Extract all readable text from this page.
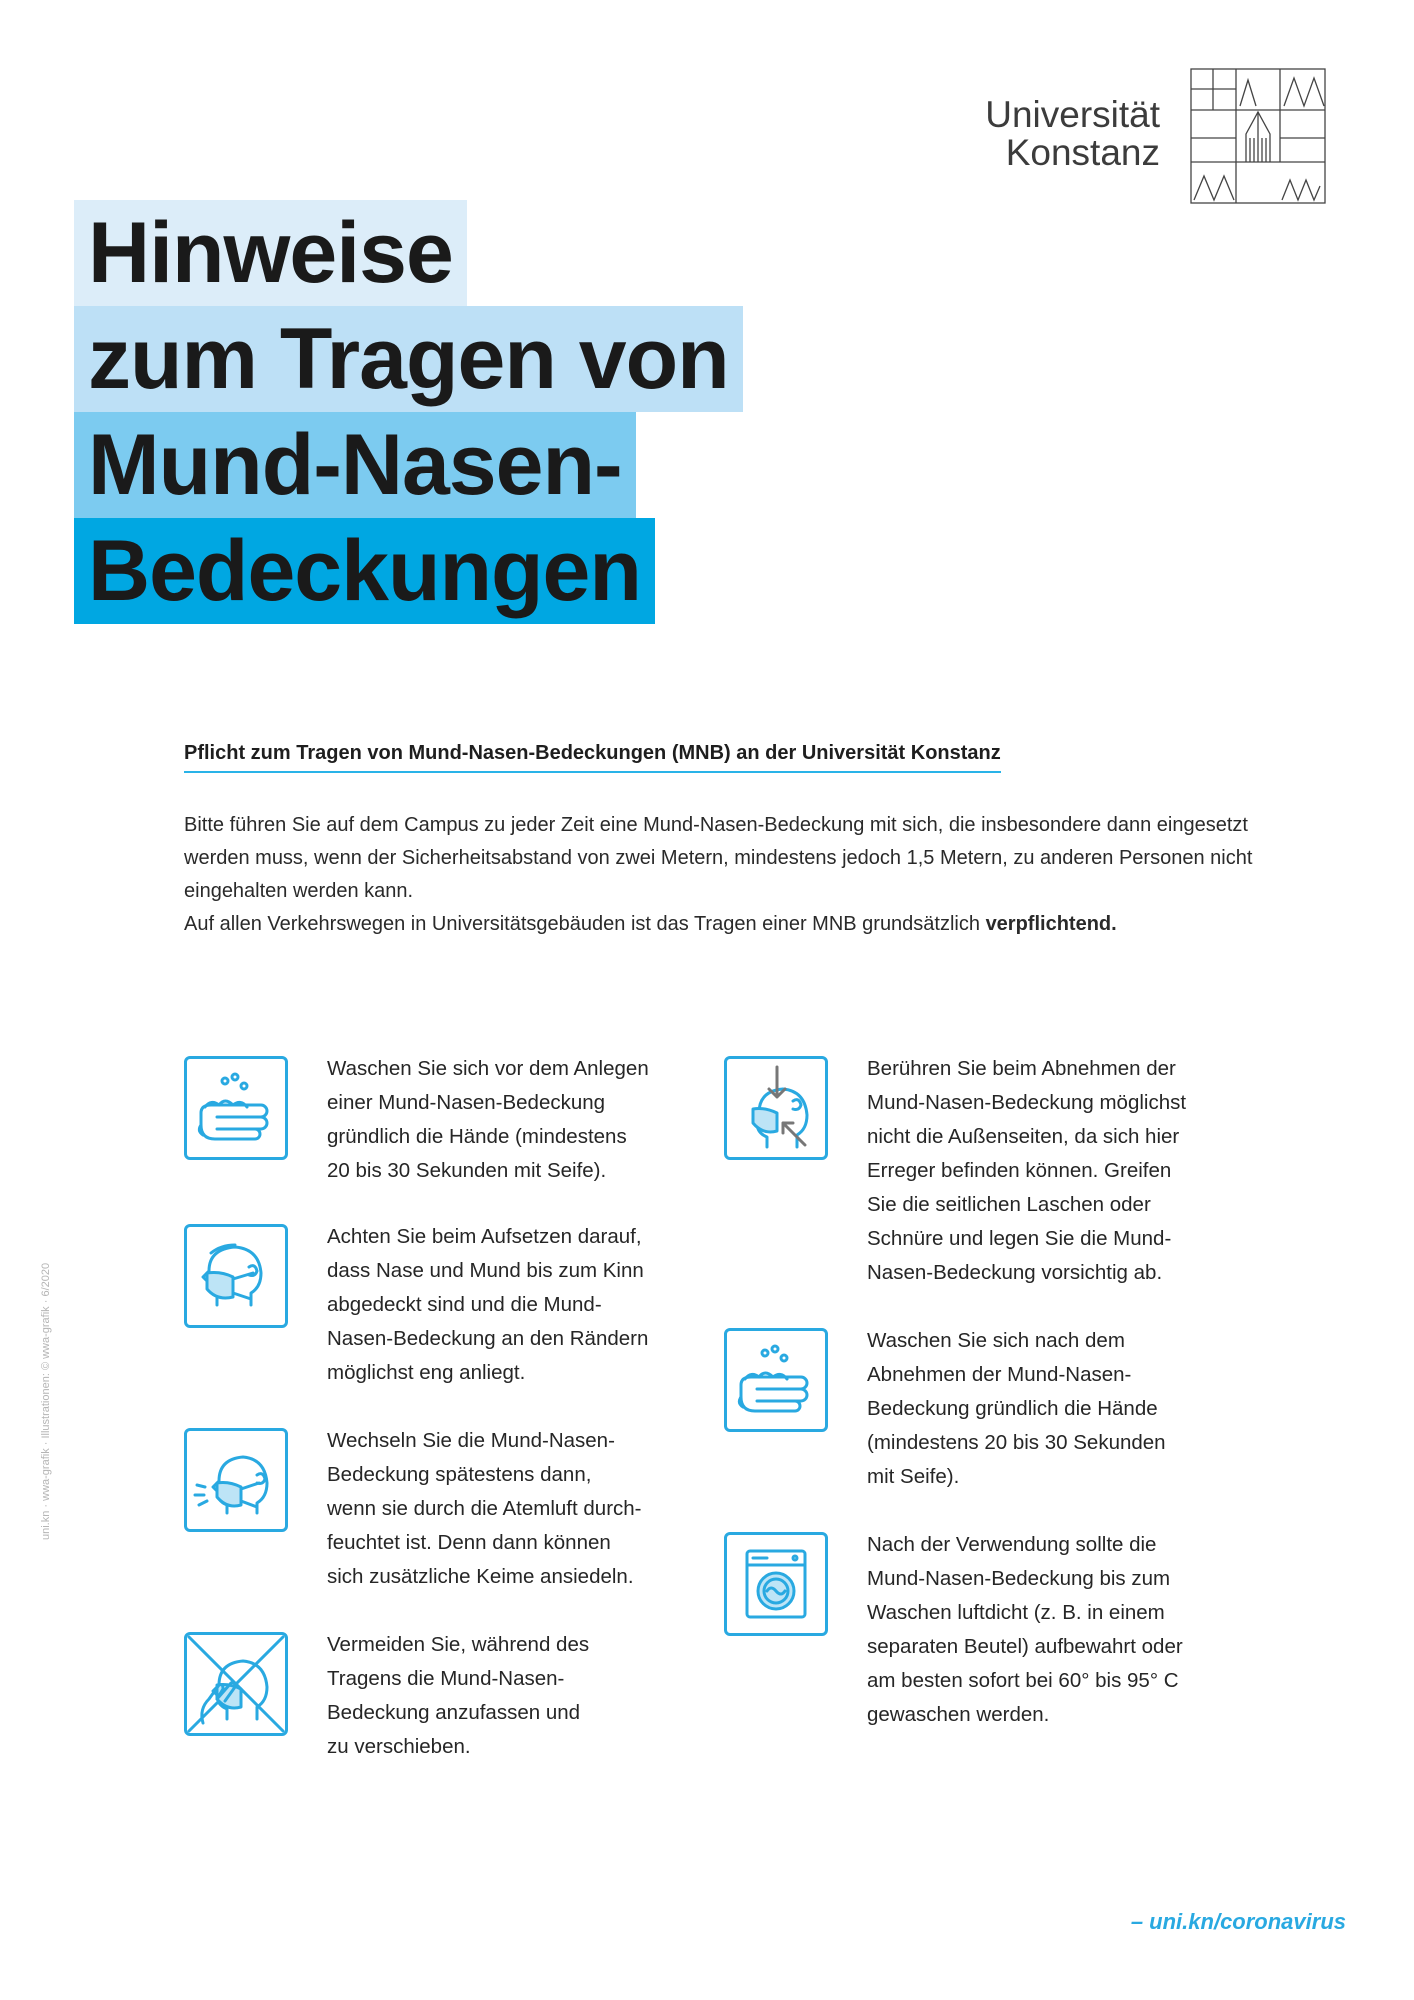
Universität
Konstanz
Hinweise
zum Tragen von
Mund-Nasen-
Bedeckungen
Pflicht zum Tragen von Mund-Nasen-Bedeckungen (MNB) an der Universität Konstanz

Bitte führen Sie auf dem Campus zu jeder Zeit eine Mund-Nasen-Bedeckung mit sich, die insbesondere dann eingesetzt werden muss, wenn der Sicherheitsabstand von zwei Metern, mindestens jedoch 1,5 Metern, zu anderen Personen nicht eingehalten werden kann.

Auf allen Verkehrswegen in Universitätsgebäuden ist das Tragen einer MNB grundsätzlich verpflichtend.

Waschen Sie sich vor dem Anlegen
einer Mund-Nasen-Bedeckung
gründlich die Hände (mindestens
20 bis 30 Sekunden mit Seife).
Achten Sie beim Aufsetzen darauf,
dass Nase und Mund bis zum Kinn
abgedeckt sind und die Mund-
Nasen-Bedeckung an den Rändern
möglichst eng anliegt.
Wechseln Sie die Mund-Nasen-
Bedeckung spätestens dann,
wenn sie durch die Atemluft durch-
feuchtet ist. Denn dann können
sich zusätzliche Keime ansiedeln.
Vermeiden Sie, während des
Tragens die Mund-Nasen-
Bedeckung anzufassen und
zu verschieben.
Berühren Sie beim Abnehmen der
Mund-Nasen-Bedeckung möglichst
nicht die Außenseiten, da sich hier
Erreger befinden können. Greifen
Sie die seitlichen Laschen oder
Schnüre und legen Sie die Mund-
Nasen-Bedeckung vorsichtig ab.
Waschen Sie sich nach dem
Abnehmen der Mund-Nasen-
Bedeckung gründlich die Hände
(mindestens 20 bis 30 Sekunden
mit Seife).
Nach der Verwendung sollte die
Mund-Nasen-Bedeckung bis zum
Waschen luftdicht (z. B. in einem
separaten Beutel) aufbewahrt oder
am besten sofort bei 60° bis 95° C
gewaschen werden.
uni.kn · wwa-grafik · Illustrationen: © wwa-grafik · 6/2020
– uni.kn/coronavirus
